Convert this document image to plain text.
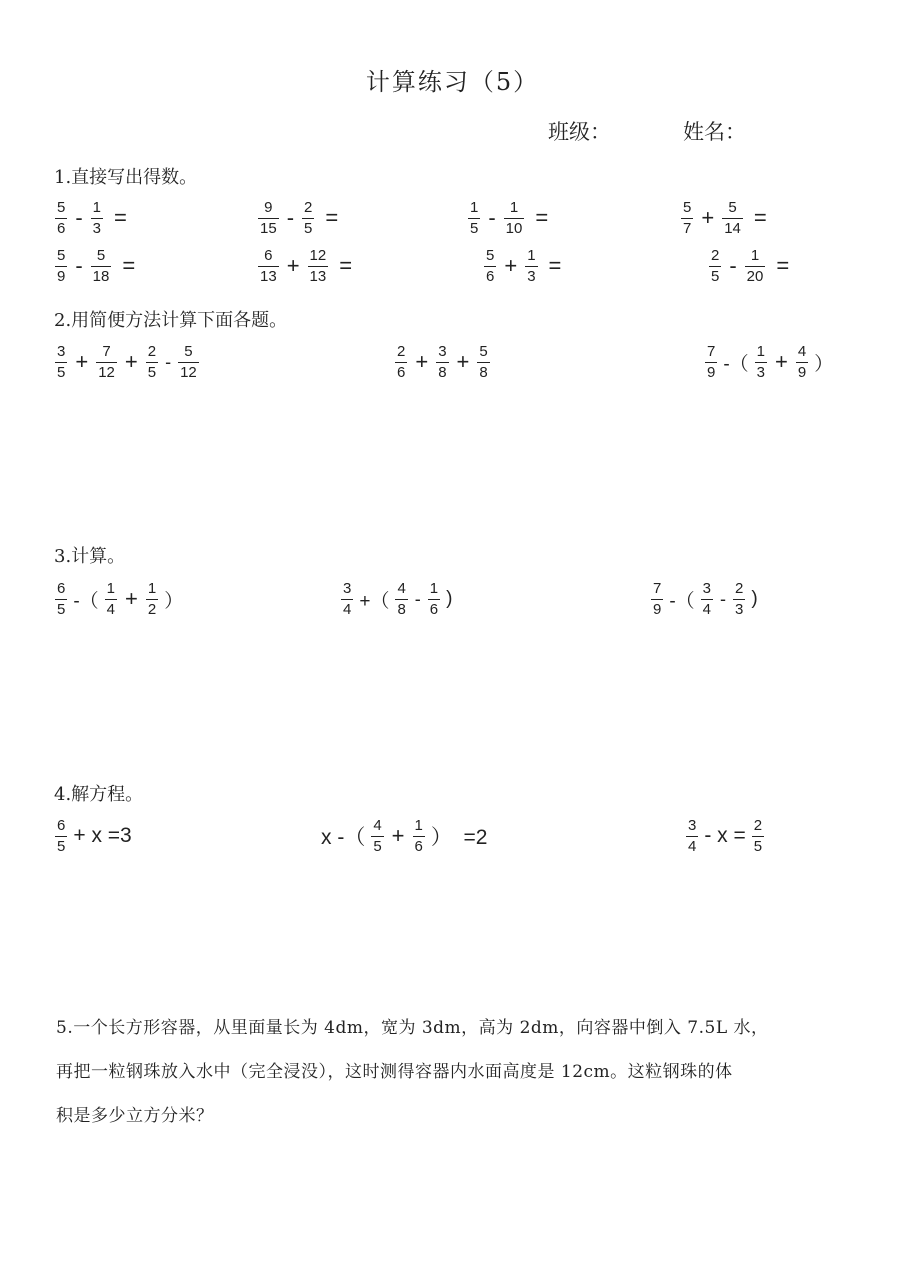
计算练习（5）
班级：	姓名：
1.直接写出得数。
$\frac{5}{6} - \frac{1}{3}$ =	$\frac{9}{15} - \frac{2}{5}$ =	$\frac{1}{5} - \frac{1}{10}$ =	$\frac{5}{7} + \frac{5}{14}$ =
$\frac{5}{9} - \frac{5}{18}$ =	$\frac{6}{13} + \frac{12}{13}$ =	$\frac{5}{6} + \frac{1}{3}$ =	$\frac{2}{5} - \frac{1}{20}$ =
2.用简便方法计算下面各题。
$\frac{3}{5} + \frac{7}{12} + \frac{2}{5} - \frac{5}{12}$	$\frac{2}{6} + \frac{3}{8} + \frac{5}{8}$	$\frac{7}{9}$ -（ $\frac{1}{3} + \frac{4}{9}$ ）
3.计算。
$\frac{6}{5}$ -（ $\frac{1}{4} + \frac{1}{2}$ ）	$\frac{3}{4}$ +（ $\frac{4}{8} - \frac{1}{6}$ )	$\frac{7}{9}$ -（ $\frac{3}{4} - \frac{2}{3}$ )
4.解方程。
$\frac{6}{5} + x =3$	x -（ $\frac{4}{5} + \frac{1}{6}$ ）  =2	$\frac{3}{4} - x = \frac{2}{5}$
5.一个长方形容器，从里面量长为 4dm，宽为 3dm，高为 2dm，向容器中倒入 7.5L 水，
再把一粒钢珠放入水中（完全浸没），这时测得容器内水面高度是 12cm。这粒钢珠的体
积是多少立方分米？
